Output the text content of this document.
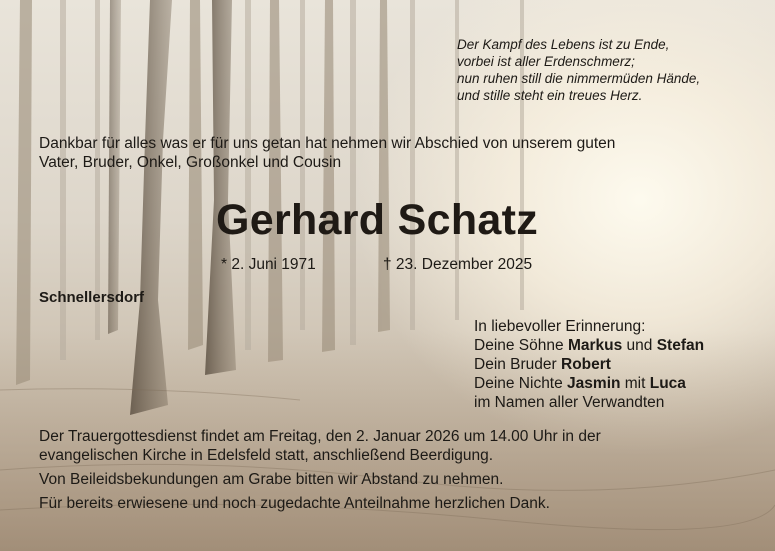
Der Kampf des Lebens ist zu Ende,
vorbei ist aller Erdenschmerz;
nun ruhen still die nimmermüden Hände,
und stille steht ein treues Herz.
Dankbar für alles was er für uns getan hat nehmen wir Abschied von unserem guten
Vater, Bruder, Onkel, Großonkel und Cousin
Gerhard Schatz
* 2. Juni 1971	† 23. Dezember 2025
Schnellersdorf
In liebevoller Erinnerung:
Deine Söhne Markus und Stefan
Dein Bruder Robert
Deine Nichte Jasmin mit Luca
im Namen aller Verwandten
Der Trauergottesdienst findet am Freitag, den 2. Januar 2026 um 14.00 Uhr in der
evangelischen Kirche in Edelsfeld statt, anschließend Beerdigung.
Von Beileidsbekundungen am Grabe bitten wir Abstand zu nehmen.
Für bereits erwiesene und noch zugedachte Anteilnahme herzlichen Dank.
